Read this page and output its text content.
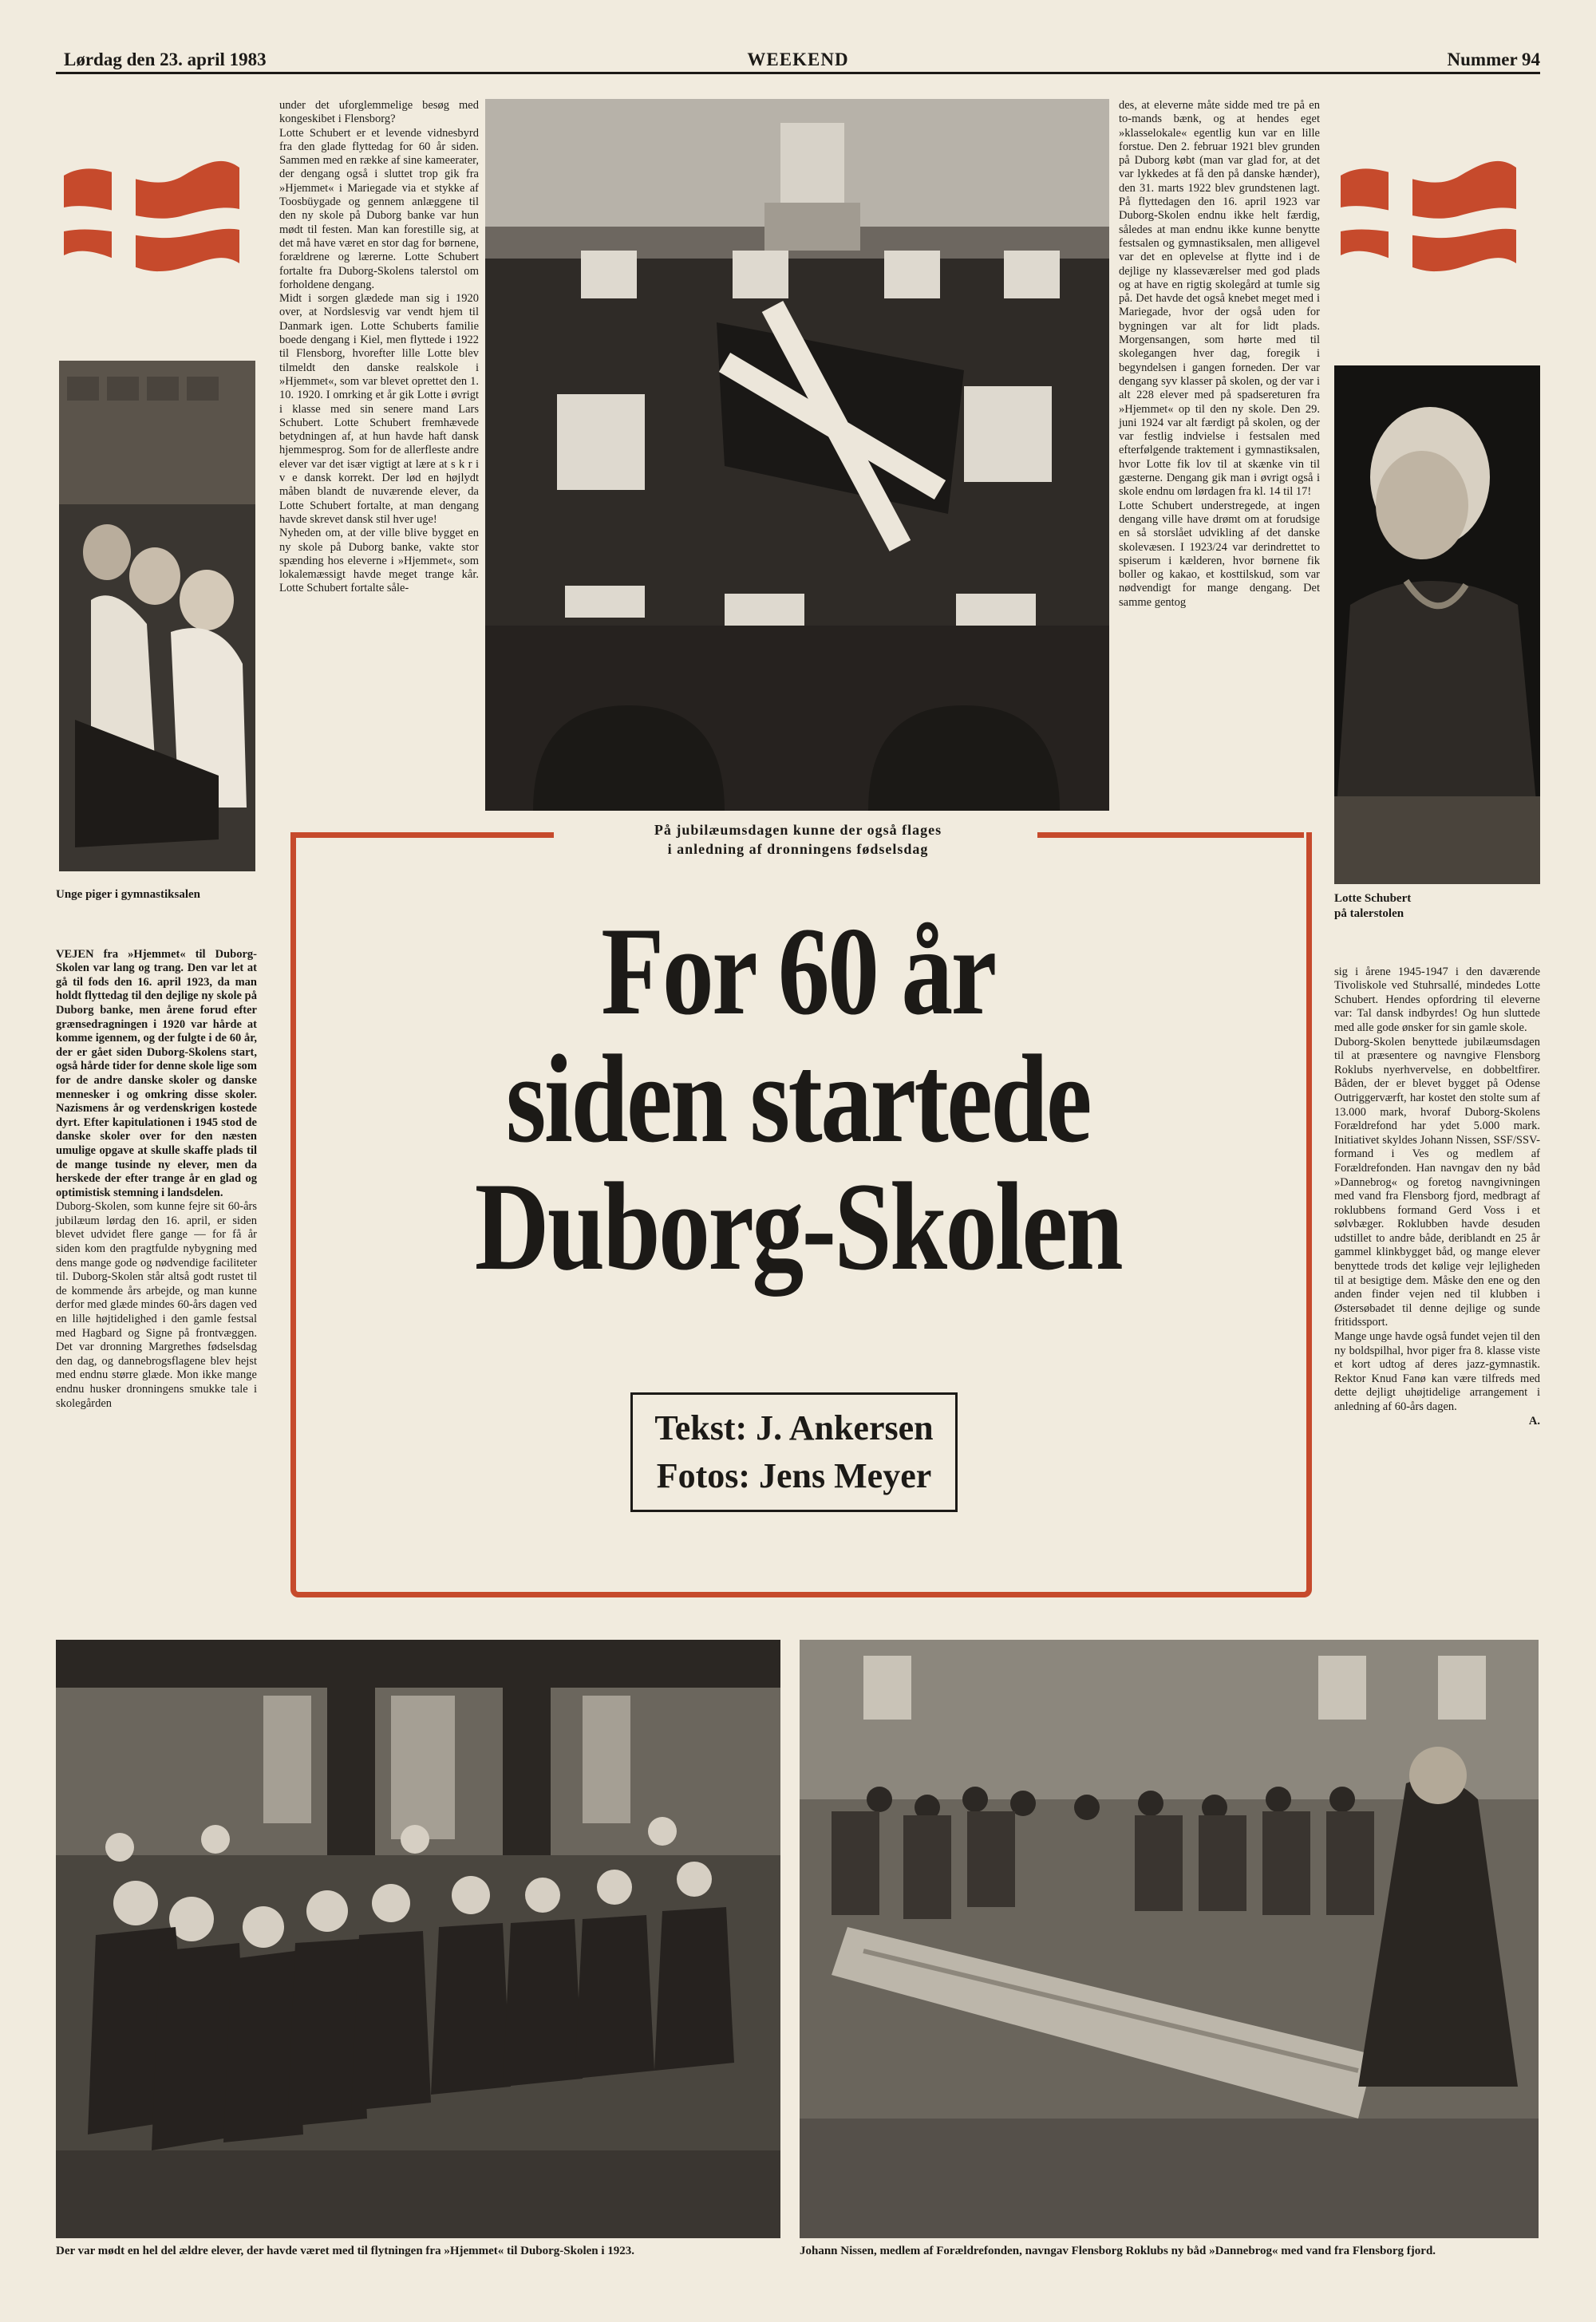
Lørdag den 23. april 1983	WEEKEND	Nummer 94
Unge piger i gymnastiksalen	Lotte Schubert
på talerstolen
På jubilæumsdagen kunne der også flages
i anledning af dronningens fødselsdag
under det uforglemmelige besøg med kongeskibet i Flensborg?
Lotte Schubert er et levende vidnesbyrd fra den glade flyttedag for 60 år siden. Sammen med en række af sine kameerater, der dengang også i sluttet trop gik fra »Hjemmet« i Mariegade via et stykke af Toosbüygade og gennem anlæggene til den ny skole på Duborg banke var hun mødt til festen. Man kan forestille sig, at det må have været en stor dag for børnene, forældrene og lærerne. Lotte Schubert fortalte fra Duborg-Skolens talerstol om forholdene dengang.
Midt i sorgen glædede man sig i 1920 over, at Nordslesvig var vendt hjem til Danmark igen. Lotte Schuberts familie boede dengang i Kiel, men flyttede i 1922 til Flensborg, hvorefter lille Lotte blev tilmeldt den danske realskole i »Hjemmet«, som var blevet oprettet den 1. 10. 1920. I omrking et år gik Lotte i øvrigt i klasse med sin senere mand Lars Schubert. Lotte Schubert fremhævede betydningen af, at hun havde haft dansk hjemmesprog. Som for de allerfleste andre elever var det især vigtigt at lære at s k r i v e dansk korrekt. Der lød en højlydt måben blandt de nuværende elever, da Lotte Schubert fortalte, at man dengang havde skrevet dansk stil hver uge!
Nyheden om, at der ville blive bygget en ny skole på Duborg banke, vakte stor spænding hos eleverne i »Hjemmet«, som lokalemæssigt havde meget trange kår. Lotte Schubert fortalte såle-
des, at eleverne måte sidde med tre på en to-mands bænk, og at hendes eget »klasselokale« egentlig kun var en lille forstue. Den 2. februar 1921 blev grunden på Duborg købt (man var glad for, at det var lykkedes at få den på danske hænder), den 31. marts 1922 blev grundstenen lagt. På flyttedagen den 16. april 1923 var Duborg-Skolen endnu ikke helt færdig, således at man endnu ikke kunne benytte festsalen og gymnastiksalen, men alligevel var det en oplevelse at flytte ind i de dejlige ny klasseværelser med god plads og at have en rigtig skolegård at tumle sig på. Det havde det også knebet meget med i Mariegade, hvor der også uden for bygningen var alt for lidt plads. Morgensangen, som hørte med til skolegangen hver dag, foregik i begyndelsen i gangen forneden. Der var dengang syv klasser på skolen, og der var i alt 228 elever med på spadsereturen fra »Hjemmet« op til den ny skole. Den 29. juni 1924 var alt færdigt på skolen, og der var festlig indvielse i festsalen med efterfølgende traktement i gymnastiksalen, hvor Lotte fik lov til at skænke vin til gæsterne. Dengang gik man i øvrigt også i skole endnu om lørdagen fra kl. 14 til 17!
Lotte Schubert understregede, at ingen dengang ville have drømt om at forudsige en så storslået udvikling af det danske skolevæsen. I 1923/24 var derindrettet to spiserum i kælderen, hvor børnene fik boller og kakao, et kosttilskud, som var nødvendigt for mange dengang. Det samme gentog
For 60 år
siden startede
Duborg-Skolen
Tekst: J. Ankersen
Fotos: Jens Meyer

VEJEN fra »Hjemmet« til Duborg-Skolen var lang og trang. Den var let at gå til fods den 16. april 1923, da man holdt flyttedag til den dejlige ny skole på Duborg banke, men årene forud efter grænsedragningen i 1920 var hårde at komme igennem, og der fulgte i de 60 år, der er gået siden Duborg-Skolens start, også hårde tider for denne skole lige som for de andre danske skoler og danske mennesker i og omkring disse skoler. Nazismens år og verdenskrigen kostede dyrt. Efter kapitulationen i 1945 stod de danske skoler over for den næsten umulige opgave at skulle skaffe plads til de mange tusinde ny elever, men da herskede der efter trange år en glad og optimistisk stemning i landsdelen.
Duborg-Skolen, som kunne fejre sit 60-års jubilæum lørdag den 16. april, er siden blevet udvidet flere gange — for få år siden kom den pragtfulde nybygning med dens mange gode og nødvendige faciliteter til. Duborg-Skolen står altså godt rustet til de kommende års arbejde, og man kunne derfor med glæde mindes 60-års dagen ved en lille højtidelighed i den gamle festsal med Hagbard og Signe på frontvæggen. Det var dronning Margrethes fødselsdag den dag, og dannebrogsflagene blev hejst med endnu større glæde. Mon ikke mange endnu husker dronningens smukke tale i skolegården

sig i årene 1945-1947 i den daværende Tivoliskole ved Stuhrsallé, mindedes Lotte Schubert. Hendes opfordring til eleverne var: Tal dansk indbyrdes! Og hun sluttede med alle gode ønsker for sin gamle skole.
Duborg-Skolen benyttede jubilæumsdagen til at præsentere og navngive Flensborg Roklubs nyerhvervelse, en dobbeltfirer. Båden, der er blevet bygget på Odense Outriggerværft, har kostet den stolte sum af 13.000 mark, hvoraf Duborg-Skolens Forældrefond har ydet 5.000 mark. Initiativet skyldes Johann Nissen, SSF/SSV-formand i Ves og medlem af Forældrefonden. Han navngav den ny båd »Dannebrog« og foretog navngivningen med vand fra Flensborg fjord, medbragt af roklubbens formand Gerd Voss i et sølvbæger. Roklubben havde desuden udstillet to andre både, deriblandt en 25 år gammel klinkbygget båd, og mange elever benyttede trods det kølige vejr lejligheden til at besigtige dem. Måske den ene og den anden finder vejen ned til klubben i Østersøbadet til denne dejlige og sunde fritidssport.
Mange unge havde også fundet vejen til den ny boldspilhal, hvor piger fra 8. klasse viste et kort udtog af deres jazz-gymnastik. Rektor Knud Fanø kan være tilfreds med dette dejligt uhøjtidelige arrangement i anledning af 60-års dagen.

A.

Der var mødt en hel del ældre elever, der havde været med til flytningen fra »Hjemmet« til Duborg-Skolen i 1923.	Johann Nissen, medlem af Forældrefonden, navngav Flensborg Roklubs ny båd »Dannebrog« med vand fra Flensborg fjord.
